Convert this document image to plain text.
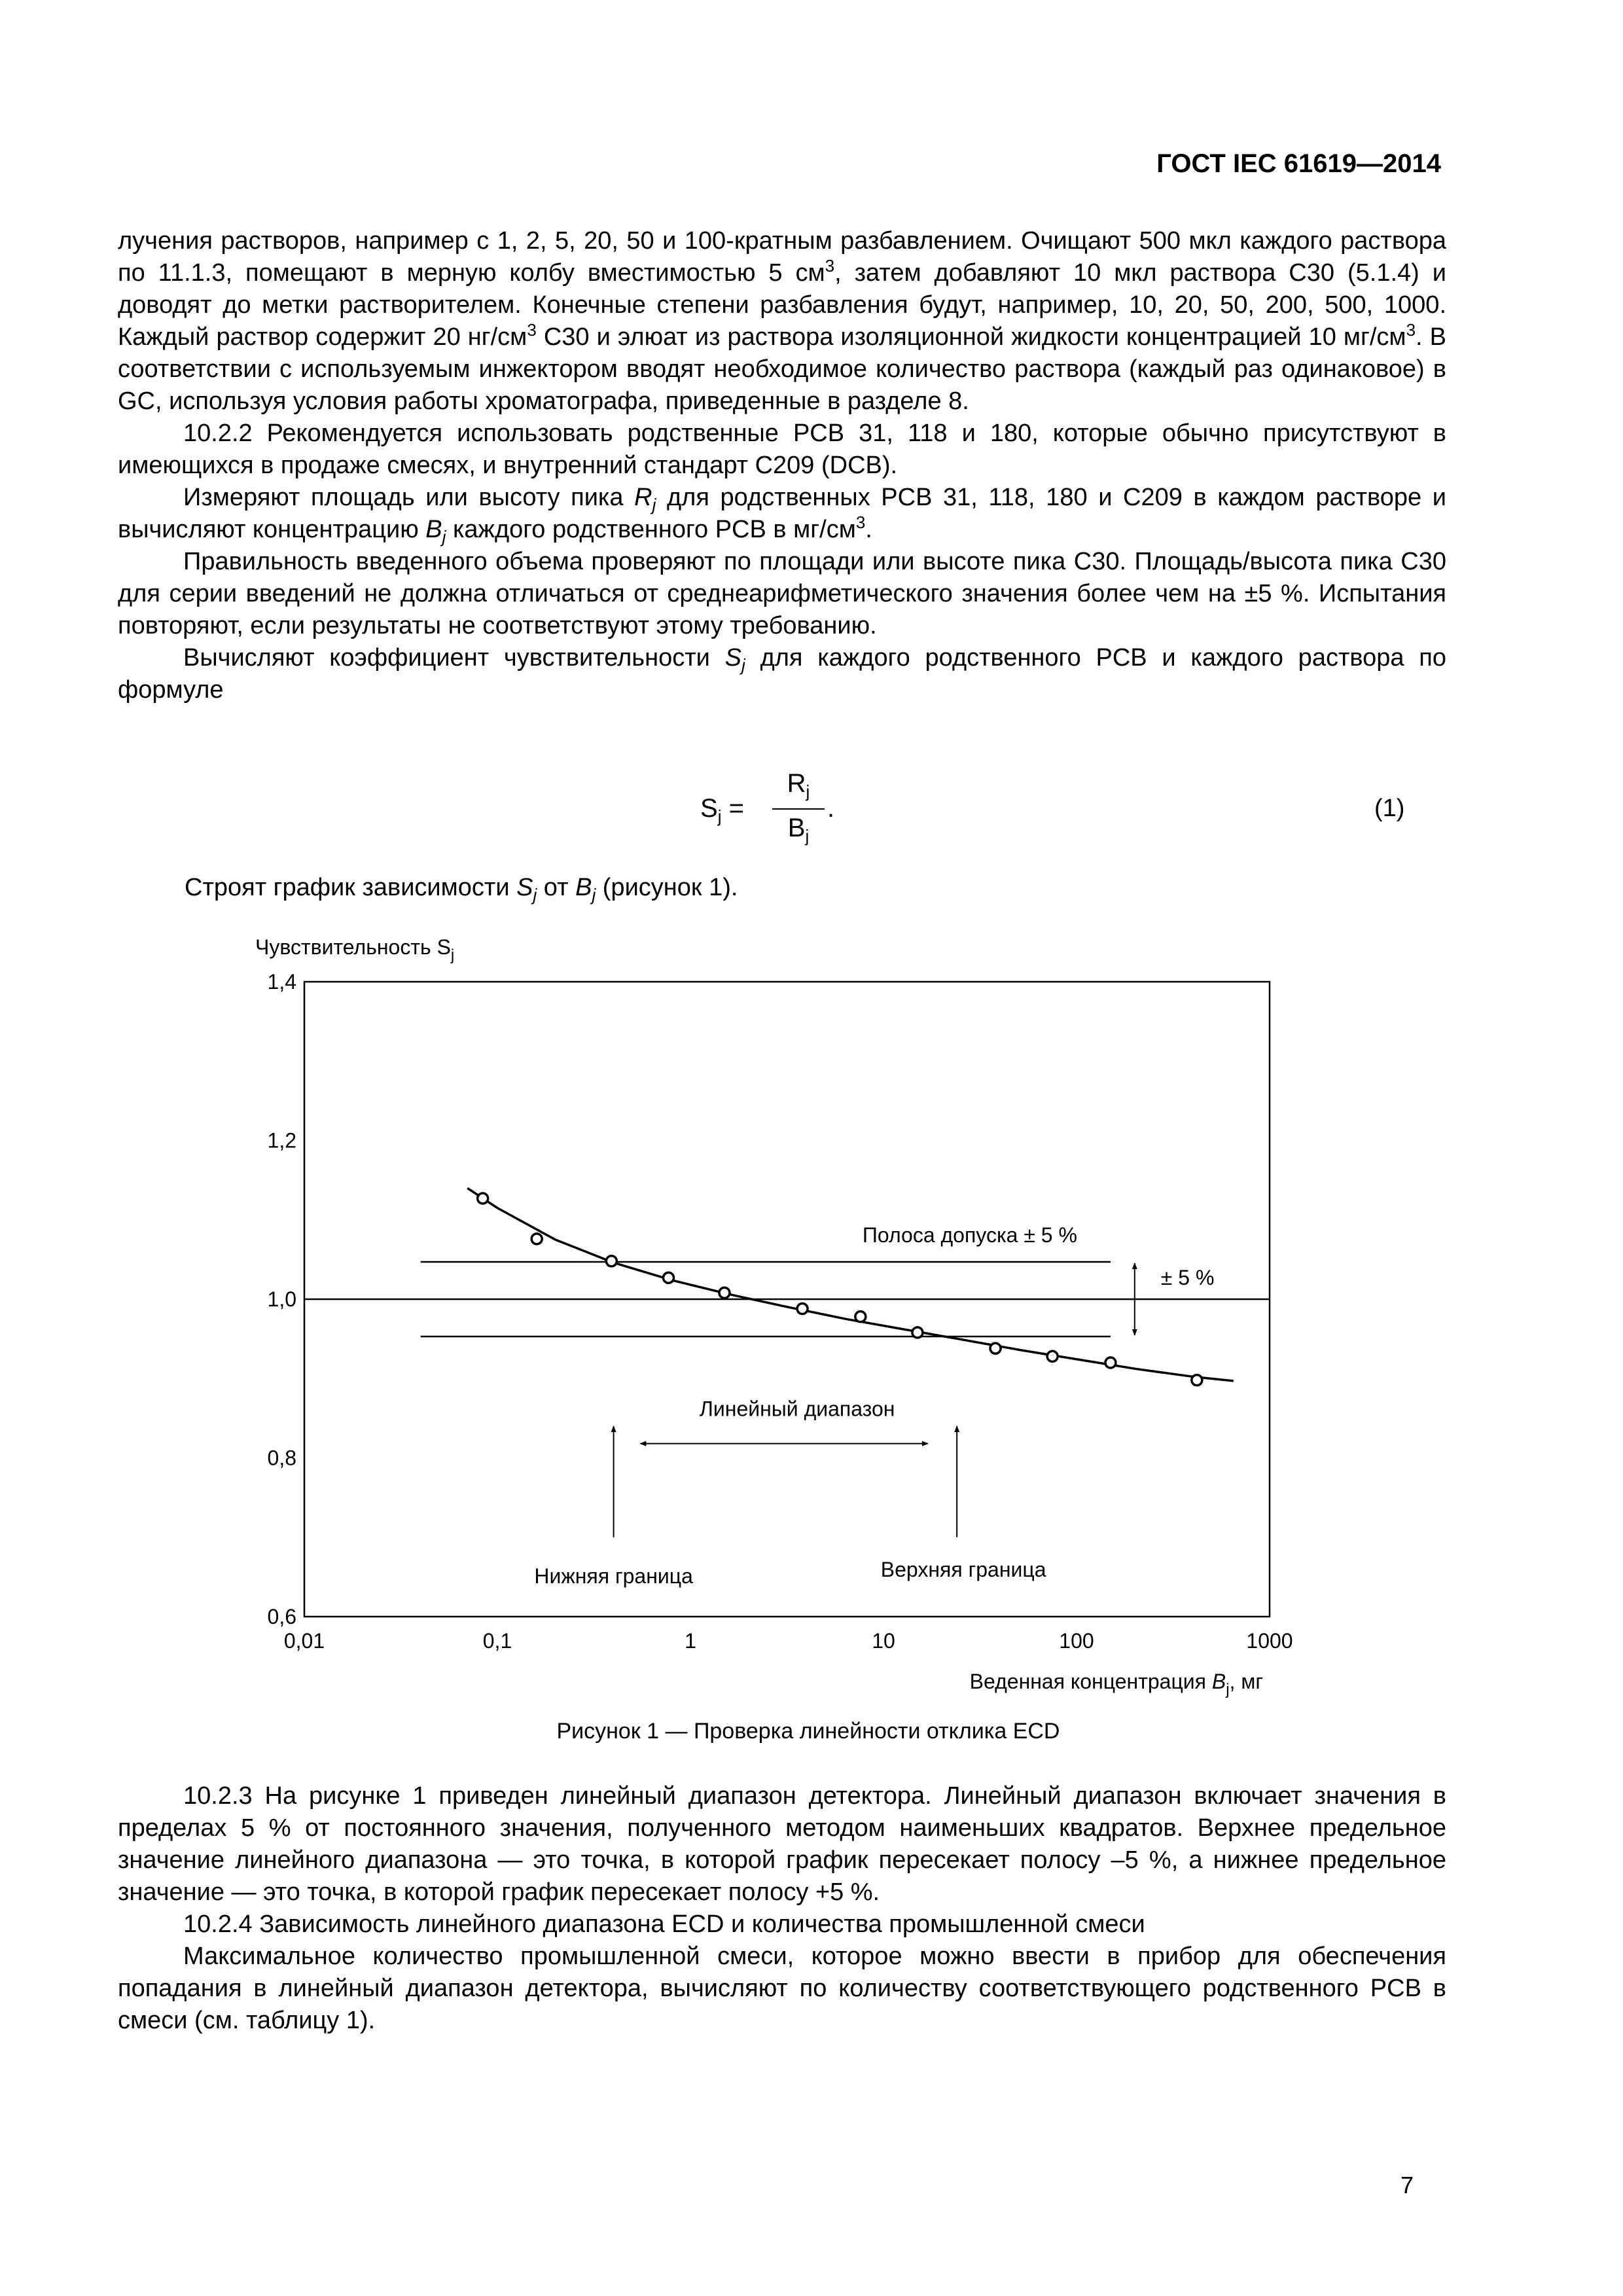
ГОСТ IEC 61619—2014

лучения растворов, например с 1, 2, 5, 20, 50 и 100-кратным разбавлением. Очищают 500 мкл каждого раствора по 11.1.3, помещают в мерную колбу вместимостью 5 $см^3$, затем добавляют 10 мкл раствора С30 (5.1.4) и доводят до метки растворителем. Конечные степени разбавления будут, например, 10, 20, 50, 200, 500, 1000. Каждый раствор содержит 20 $нг/см^3$ С30 и элюат из раствора изоляционной жидкости концентрацией 10 $мг/см^3$. В соответствии с используемым инжектором вводят необходимое количество раствора (каждый раз одинаковое) в GC, используя условия работы хроматографа, приведенные в разделе 8.

10.2.2 Рекомендуется использовать родственные PCB 31, 118 и 180, которые обычно присутствуют в имеющихся в продаже смесях, и внутренний стандарт С209 (DCB).

Измеряют площадь или высоту пика $R_j$ для родственных PCB 31, 118, 180 и С209 в каждом растворе и вычисляют концентрацию $B_j$ каждого родственного PCB в $мг/см^3$.

Правильность введенного объема проверяют по площади или высоте пика С30. Площадь/высота пика С30 для серии введений не должна отличаться от среднеарифметического значения более чем на ±5 %. Испытания повторяют, если результаты не соответствуют этому требованию.

Вычисляют коэффициент чувствительности $S_j$ для каждого родственного PCB и каждого раствора по формуле

$S_j$ =
$R_j$
$B_j$
.	(1)
Строят график зависимости $S_j$ от $B_j$ (рисунок 1).
Чувствительность $S_j$
0,6
0,8
1,0
1,2
1,4
0,01	0,1	1	10	100	1000
Веденная концентрация $B_j$, мг
Полоса допуска ± 5 %
± 5 %
Нижняя граница	Верхняя граница
Линейный диапазон
Рисунок 1 — Проверка линейности отклика ECD

10.2.3 На рисунке 1 приведен линейный диапазон детектора. Линейный диапазон включает значения в пределах 5 % от постоянного значения, полученного методом наименьших квадратов. Верхнее предельное значение линейного диапазона — это точка, в которой график пересекает полосу –5 %, а нижнее предельное значение — это точка, в которой график пересекает полосу +5 %.

10.2.4 Зависимость линейного диапазона ECD и количества промышленной смеси

Максимальное количество промышленной смеси, которое можно ввести в прибор для обеспечения попадания в линейный диапазон детектора, вычисляют по количеству соответствующего родственного PCB в смеси (см. таблицу 1).

7
